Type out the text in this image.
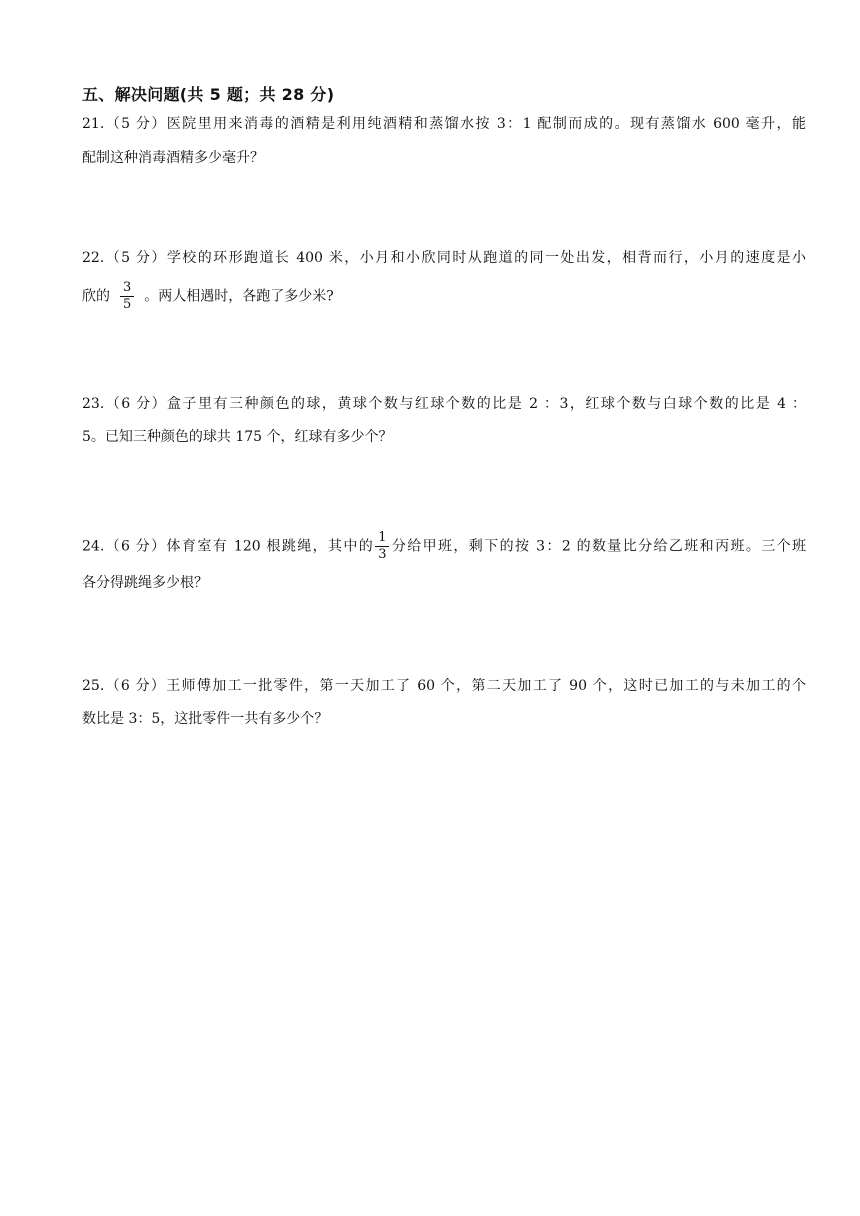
五、解决问题(共 5 题；共 28 分)
21.（5 分）医院里用来消毒的酒精是利用纯酒精和蒸馏水按 3：1 配制而成的。现有蒸馏水 600 毫升，能
配制这种消毒酒精多少毫升？
22.（5 分）学校的环形跑道长 400 米，小月和小欣同时从跑道的同一处出发，相背而行，小月的速度是小
欣的 $\frac{3}{5}$ 。两人相遇时，各跑了多少米?
23.（6 分）盒子里有三种颜色的球，黄球个数与红球个数的比是 2 ：3，红球个数与白球个数的比是 4 ：
5。已知三种颜色的球共 175 个，红球有多少个？
24.（6 分）体育室有 120 根跳绳，其中的 $\frac{1}{3}$ 分给甲班，剩下的按 3：2 的数量比分给乙班和丙班。三个班
各分得跳绳多少根？
25.（6 分）王师傅加工一批零件，第一天加工了 60 个，第二天加工了 90 个，这时已加工的与未加工的个
数比是 3：5，这批零件一共有多少个？
